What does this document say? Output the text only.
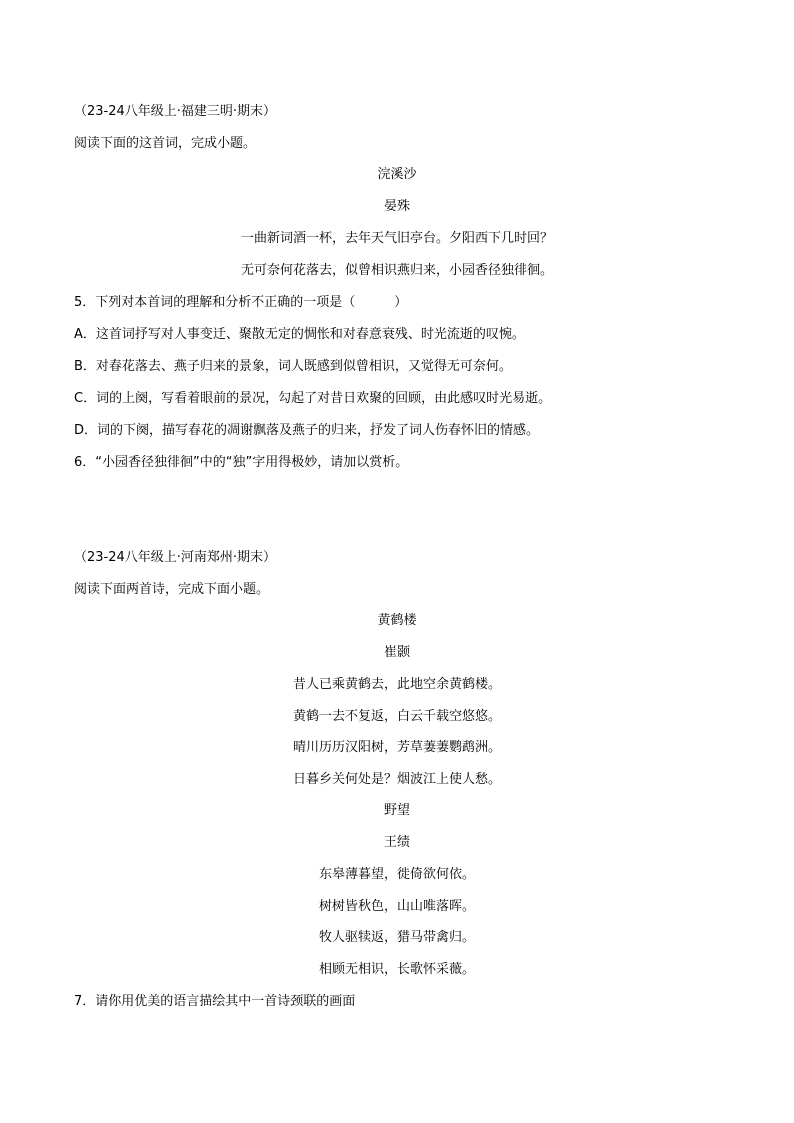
（23-24八年级上·福建三明·期末）
阅读下面的这首词，完成小题。
浣溪沙
晏殊
一曲新词酒一杯，去年天气旧亭台。夕阳西下几时回？
无可奈何花落去，似曾相识燕归来，小园香径独徘徊。
5．下列对本首词的理解和分析不正确的一项是（　　　）
A．这首词抒写对人事变迁、聚散无定的惆怅和对春意衰残、时光流逝的叹惋。
B．对春花落去、燕子归来的景象，词人既感到似曾相识，又觉得无可奈何。
C．词的上阕，写看着眼前的景况，勾起了对昔日欢聚的回顾，由此感叹时光易逝。
D．词的下阕，描写春花的凋谢飘落及燕子的归来，抒发了词人伤春怀旧的情感。
6．“小园香径独徘徊”中的“独”字用得极妙，请加以赏析。
（23-24八年级上·河南郑州·期末）
阅读下面两首诗，完成下面小题。
黄鹤楼
崔颢
昔人已乘黄鹤去，此地空余黄鹤楼。
黄鹤一去不复返，白云千载空悠悠。
晴川历历汉阳树，芳草萋萋鹦鹉洲。
日暮乡关何处是？烟波江上使人愁。
野望
王绩
东皋薄暮望，徙倚欲何依。
树树皆秋色，山山唯落晖。
牧人驱犊返，猎马带禽归。
相顾无相识，长歌怀采薇。
7．请你用优美的语言描绘其中一首诗颈联的画面
